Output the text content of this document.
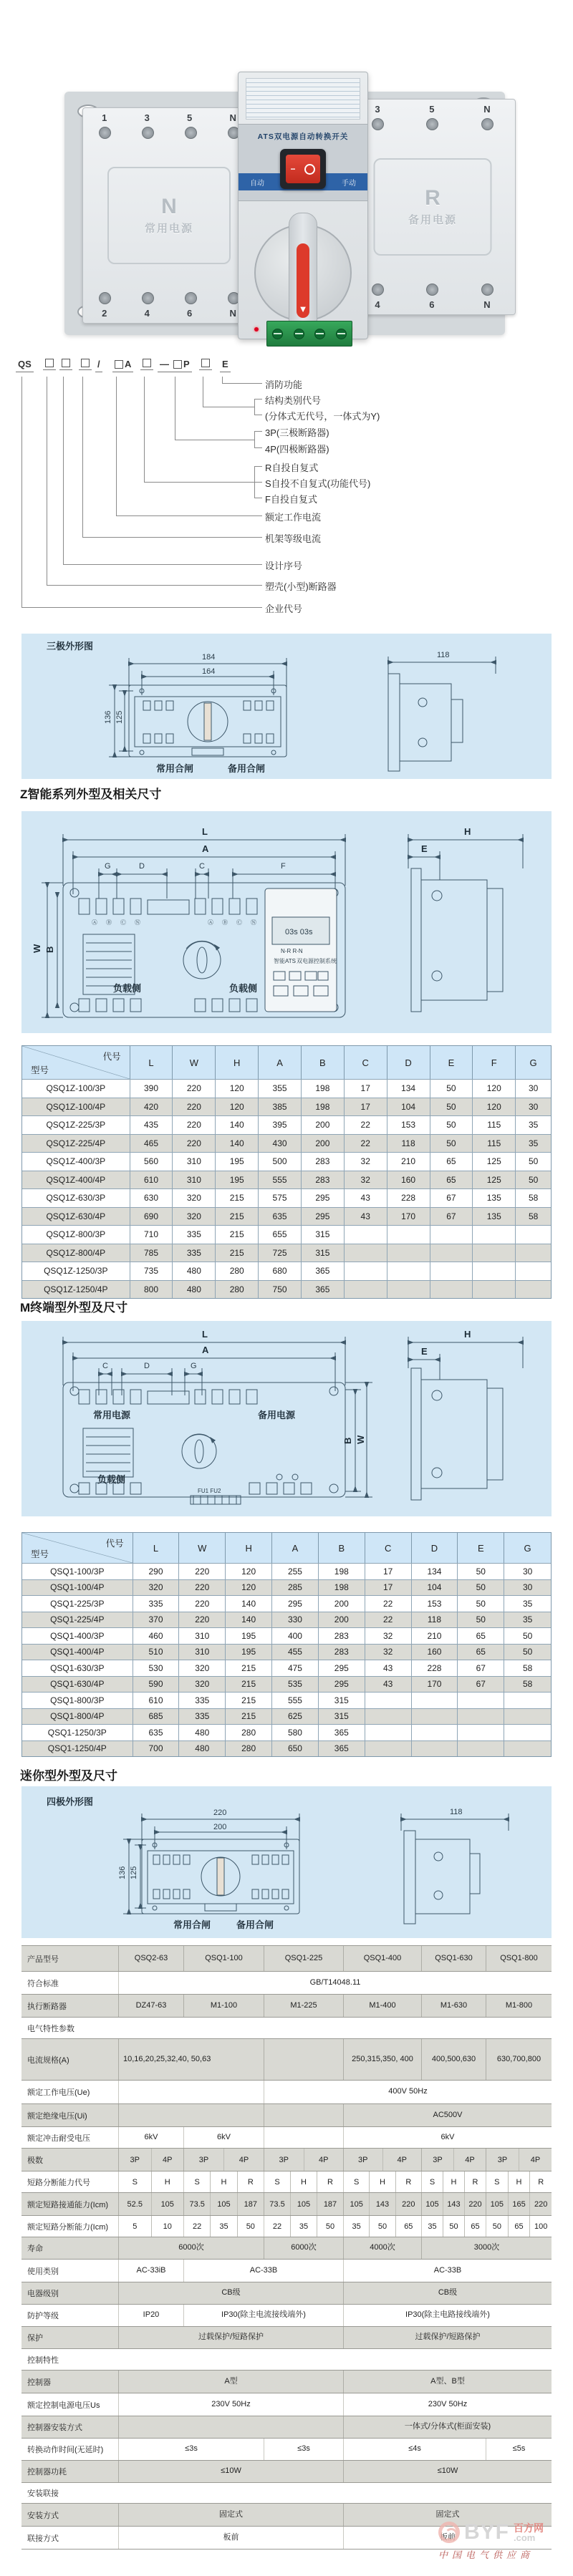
1	3	5	N
N
常用电源
2	4	6	N
3	5	N
R
备用电源
4	6	N
ATS双电源自动转换开关
自动	手动
−
▼
QS	/	A	— P	E
消防功能
额定工作电流
机架等级电流
设计序号
塑壳(小型)断路器
企业代号
结构类别代号
(分体式无代号，一体式为Y)
3P(三极断路器)
4P(四极断路器)
R自投自复式
S自投不自复式(功能代号)
F自投自复式
三极外形图
184
164
136 125
常用合闸	备用合闸
118
Z智能系列外型及相关尺寸
L
A
G	D	C	F
W B
ⒶⒷⒸⓃ	ⒶⒷⒸⓃ
负载侧	负载侧
03s 03s
N-R R-N
智能ATS 双电源控制系统
H
E
代号
型号
L	W	H	A	B	C	D	E	F	G
QSQ1Z-100/3P	390	220	120	355	198	17	134	50	120	30
QSQ1Z-100/4P	420	220	120	385	198	17	104	50	120	30
QSQ1Z-225/3P	435	220	140	395	200	22	153	50	115	35
QSQ1Z-225/4P	465	220	140	430	200	22	118	50	115	35
QSQ1Z-400/3P	560	310	195	500	283	32	210	65	125	50
QSQ1Z-400/4P	610	310	195	555	283	32	160	65	125	50
QSQ1Z-630/3P	630	320	215	575	295	43	228	67	135	58
QSQ1Z-630/4P	690	320	215	635	295	43	170	67	135	58
QSQ1Z-800/3P	710	335	215	655	315
QSQ1Z-800/4P	785	335	215	725	315
QSQ1Z-1250/3P	735	480	280	680	365
QSQ1Z-1250/4P	800	480	280	750	365
M终端型外型及尺寸
L
A
C	D	G
常用电源	备用电源
负载侧
FU1 FU2
B W
H
E
代号
型号
L	W	H	A	B	C	D	E	G
QSQ1-100/3P	290	220	120	255	198	17	134	50	30
QSQ1-100/4P	320	220	120	285	198	17	104	50	30
QSQ1-225/3P	335	220	140	295	200	22	153	50	35
QSQ1-225/4P	370	220	140	330	200	22	118	50	35
QSQ1-400/3P	460	310	195	400	283	32	210	65	50
QSQ1-400/4P	510	310	195	455	283	32	160	65	50
QSQ1-630/3P	530	320	215	475	295	43	228	67	58
QSQ1-630/4P	590	320	215	535	295	43	170	67	58
QSQ1-800/3P	610	335	215	555	315
QSQ1-800/4P	685	335	215	625	315
QSQ1-1250/3P	635	480	280	580	365
QSQ1-1250/4P	700	480	280	650	365
迷你型外型及尺寸
四极外形图
220
200
136 125
常用合闸	备用合闸
118
产品型号	QSQ2-63	QSQ1-100	QSQ1-225	QSQ1-400	QSQ1-630	QSQ1-800
符合标准	GB/T14048.11
执行断路器	DZ47-63	M1-100	M1-225	M1-400	M1-630	M1-800
电气特性参数
电流规格(A)	10,16,20,25,32,40, 50,63	250,315,350, 400	400,500,630	630,700,800
额定工作电压(Ue)	400V 50Hz
额定绝缘电压(Ui)	AC500V
额定冲击耐受电压	6kV	6kV	6kV
极数	3P	4P	3P	4P	3P	4P	3P	4P	3P	4P	3P	4P
短路分断能力代号	S	H	S	H	R	S	H	R	S	H	R	S	H	R	S	H	R
额定短路接通能力(Icm)	52.5	105	73.5	105	187	73.5	105	187	105	143	220	105	143	220	105	165	220
额定短路分断能力(Icm)	5	10	22	35	50	22	35	50	35	50	65	35	50	65	50	65	100
寿命	6000次	6000次	4000次	3000次
使用类别	AC-33iB	AC-33B	AC-33B
电器级别	CB级	CB级
防护等级	IP20	IP30(除主电流接线端外)	IP30(除主电路接线端外)
保护	过载保护/短路保护	过载保护/短路保护
控制特性
控制器	A型	A型、B型
额定控制电源电压Us	230V 50Hz	230V 50Hz
控制器安装方式	一体式/分体式(柜面安装)
转换动作时间(无延时)	≤3s	≤3s	≤4s	≤5s
控制器功耗	≤10W	≤10W
安装联接
安装方式	固定式	固定式
联接方式	板前	板前 BYF 百方网
.com
中国电气供应商
